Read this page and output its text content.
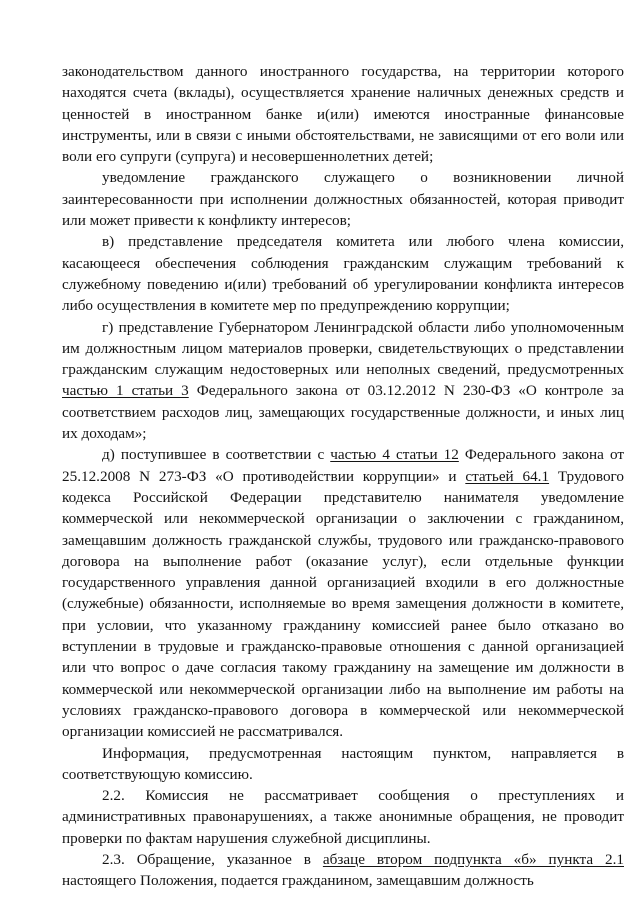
законодательством данного иностранного государства, на территории которого находятся счета (вклады), осуществляется хранение наличных денежных средств и ценностей в иностранном банке и(или) имеются иностранные финансовые инструменты, или в связи с иными обстоятельствами, не зависящими от его воли или воли его супруги (супруга) и несовершеннолетних детей;

уведомление гражданского служащего о возникновении личной заинтересованности при исполнении должностных обязанностей, которая приводит или может привести к конфликту интересов;

в) представление председателя комитета или любого члена комиссии, касающееся обеспечения соблюдения гражданским служащим требований к служебному поведению и(или) требований об урегулировании конфликта интересов либо осуществления в комитете мер по предупреждению коррупции;

г) представление Губернатором Ленинградской области либо уполномоченным им должностным лицом материалов проверки, свидетельствующих о представлении гражданским служащим недостоверных или неполных сведений, предусмотренных частью 1 статьи 3 Федерального закона от 03.12.2012 N 230-ФЗ «О контроле за соответствием расходов лиц, замещающих государственные должности, и иных лиц их доходам»;

д) поступившее в соответствии с частью 4 статьи 12 Федерального закона от 25.12.2008 N 273-ФЗ «О противодействии коррупции» и статьей 64.1 Трудового кодекса Российской Федерации представителю нанимателя уведомление коммерческой или некоммерческой организации о заключении с гражданином, замещавшим должность гражданской службы, трудового или гражданско-правового договора на выполнение работ (оказание услуг), если отдельные функции государственного управления данной организацией входили в его должностные (служебные) обязанности, исполняемые во время замещения должности в комитете, при условии, что указанному гражданину комиссией ранее было отказано во вступлении в трудовые и гражданско-правовые отношения с данной организацией или что вопрос о даче согласия такому гражданину на замещение им должности в коммерческой или некоммерческой организации либо на выполнение им работы на условиях гражданско-правового договора в коммерческой или некоммерческой организации комиссией не рассматривался.

Информация, предусмотренная настоящим пунктом, направляется в соответствующую комиссию.

2.2. Комиссия не рассматривает сообщения о преступлениях и административных правонарушениях, а также анонимные обращения, не проводит проверки по фактам нарушения служебной дисциплины.

2.3. Обращение, указанное в абзаце втором подпункта «б» пункта 2.1 настоящего Положения, подается гражданином, замещавшим должность
